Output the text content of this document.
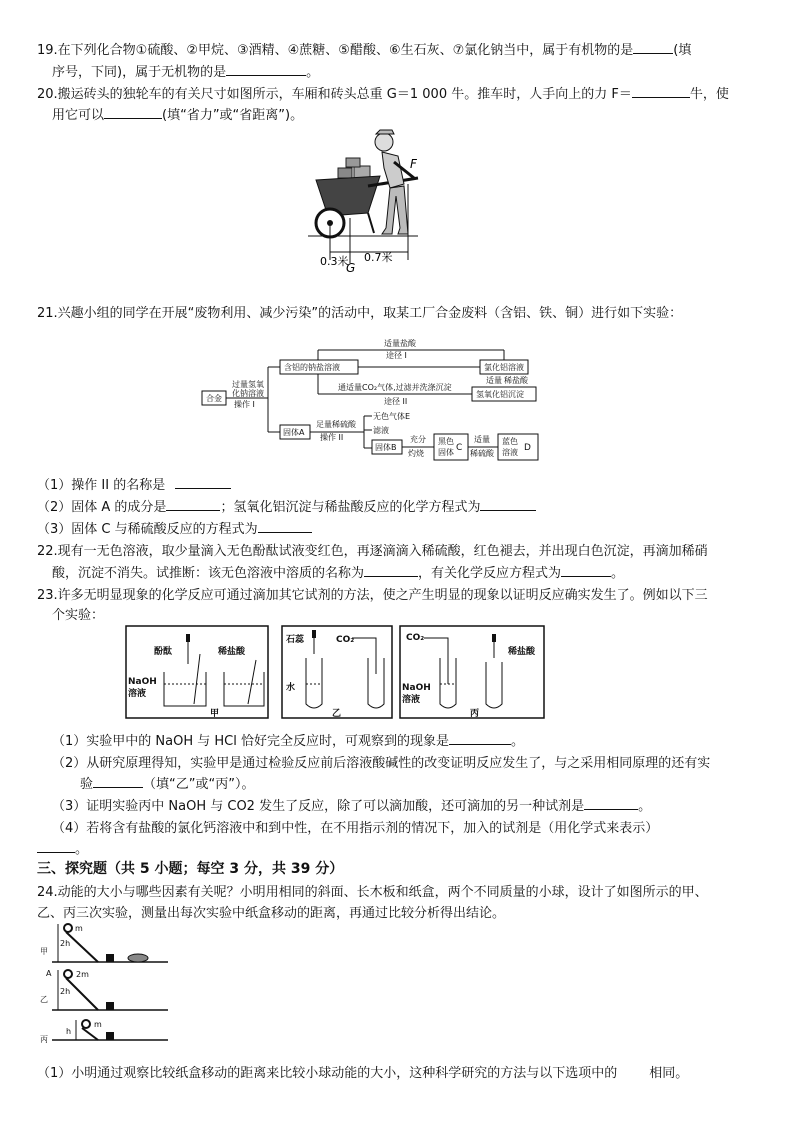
19.在下列化合物①硫酸、②甲烷、③酒精、④蔗糖、⑤醋酸、⑥生石灰、⑦氯化钠当中，属于有机物的是	(填
序号，下同)，属于无机物的是	。
20.搬运砖头的独轮车的有关尺寸如图所示，车厢和砖头总重 G＝1 000 牛。推车时，人手向上的力 F＝	牛，使
用它可以	(填“省力”或“省距离”)。
F
G
0.3米 0.7米
21.兴趣小组的同学在开展“废物利用、减少污染”的活动中，取某工厂合金废料（含铝、铁、铜）进行如下实验：
合金
过量氢氧
化钠溶液
操作 I
含铝的钠盐溶液
适量盐酸
途径 I
氯化铝溶液
通适量CO₂气体,过滤并洗涤沉淀
途径 II
适量 稀盐酸
氢氧化铝沉淀
固体A
足量稀硫酸
操作 II
无色气体E
滤液
固体B
充分
灼烧
黑色
固体 C
适量
稀硫酸
蓝色
溶液 D
（1）操作 II 的名称是
（2）固体 A 的成分是	；氢氧化铝沉淀与稀盐酸反应的化学方程式为
（3）固体 C 与稀硫酸反应的方程式为
22.现有一无色溶液，取少量滴入无色酚酞试液变红色，再逐滴滴入稀硫酸，红色褪去，并出现白色沉淀，再滴加稀硝
酸，沉淀不消失。试推断：该无色溶液中溶质的名称为	，有关化学反应方程式为	。
23.许多无明显现象的化学反应可通过滴加其它试剂的方法，使之产生明显的现象以证明反应确实发生了。例如以下三
个实验：
酚酞	稀盐酸
NaOH
溶液
甲
石蕊	CO₂
水
乙
CO₂
稀盐酸
NaOH
溶液
丙
（1）实验甲中的 NaOH 与 HCl 恰好完全反应时，可观察到的现象是	。
（2）从研究原理得知，实验甲是通过检验反应前后溶液酸碱性的改变证明反应发生了，与之采用相同原理的还有实
验	（填“乙”或“丙”）。
（3）证明实验丙中 NaOH 与 CO2 发生了反应，除了可以滴加酸，还可滴加的另一种试剂是	。
（4）若将含有盐酸的氯化钙溶液中和到中性，在不用指示剂的情况下，加入的试剂是（用化学式来表示）
。
三、探究题（共 5 小题；每空 3 分，共 39 分）
24.动能的大小与哪些因素有关呢？小明用相同的斜面、长木板和纸盒，两个不同质量的小球，设计了如图所示的甲、
乙、丙三次实验，测量出每次实验中纸盒移动的距离，再通过比较分析得出结论。
甲
m
2h
A	2m
乙
2h
m
丙
h
（1）小明通过观察比较纸盒移动的距离来比较小球动能的大小，这种科学研究的方法与以下选项中的 相同。
